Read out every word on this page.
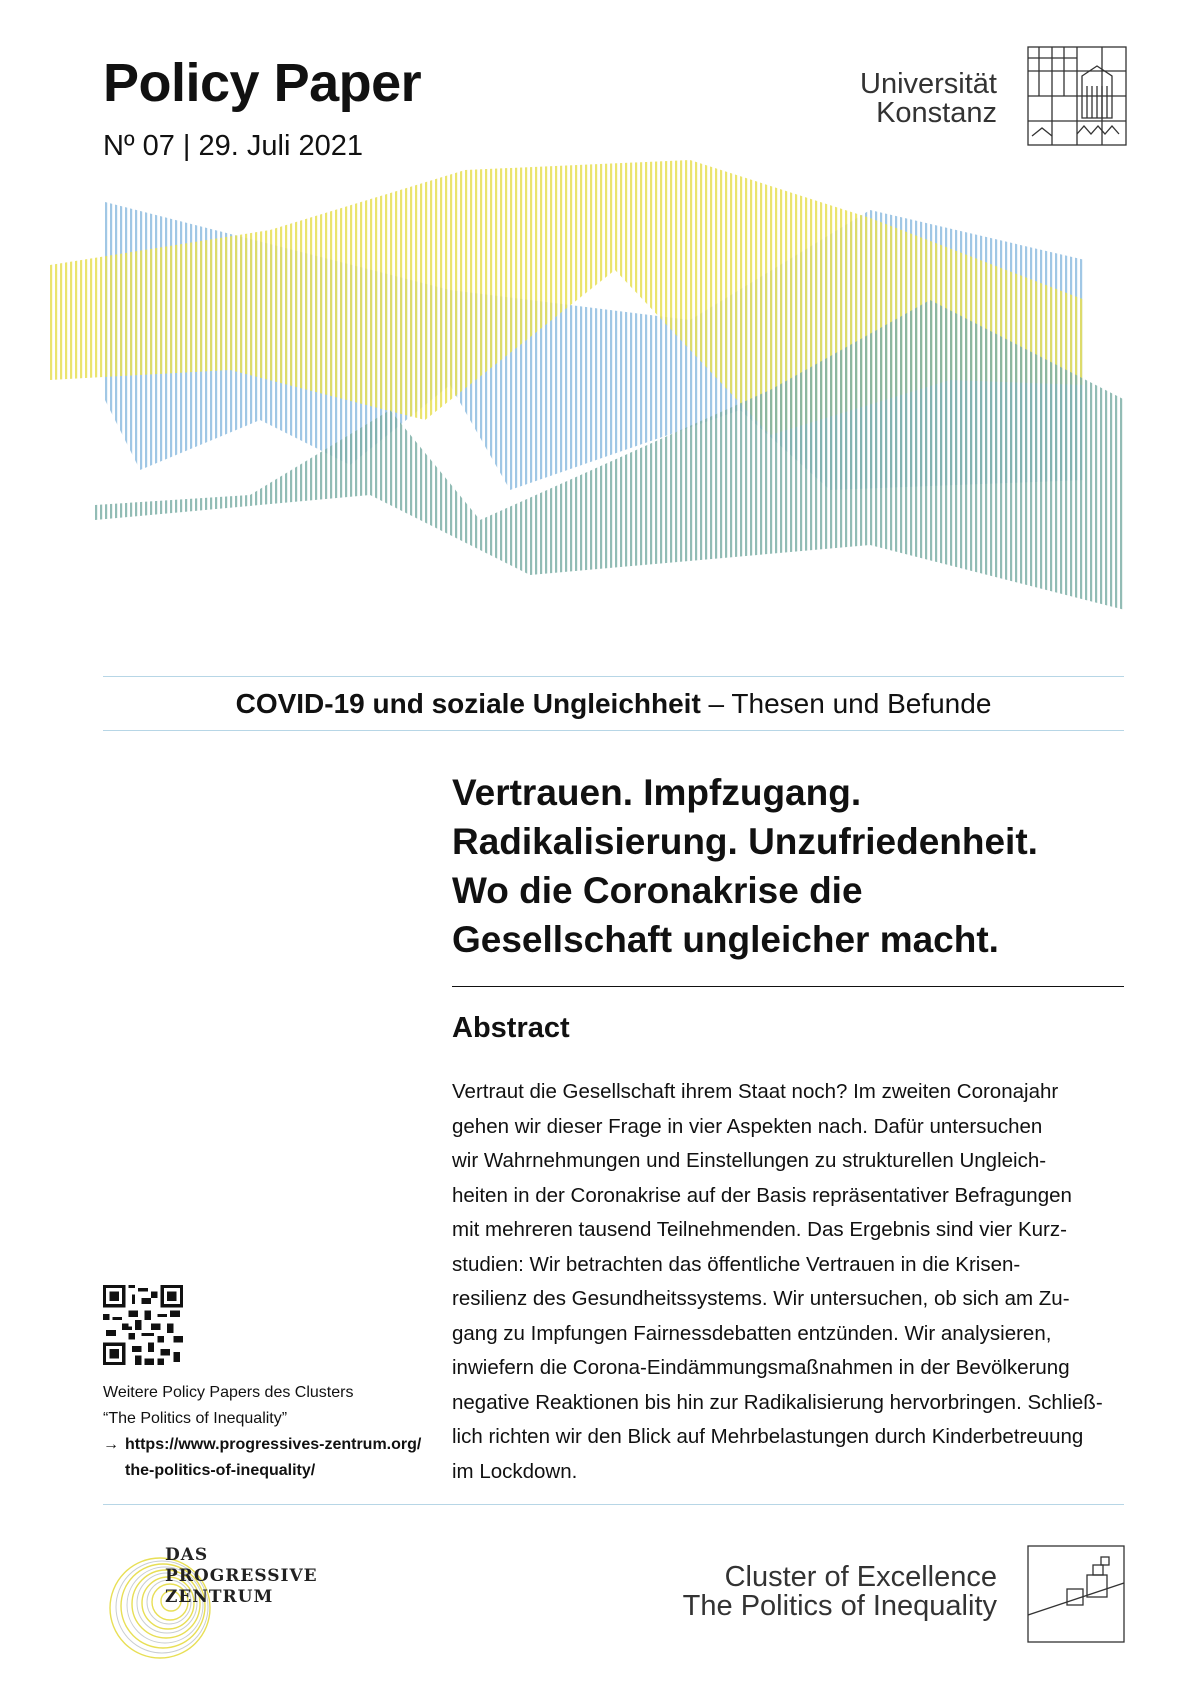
Policy Paper
Nº 07 | 29. Juli 2021
Universität
Konstanz
COVID-19 und soziale Ungleichheit – Thesen und Befunde
Vertrauen. Impfzugang.
Radikalisierung. Unzufriedenheit.
Wo die Coronakrise die
Gesellschaft ungleicher macht.
Abstract
Vertraut die Gesellschaft ihrem Staat noch? Im zweiten Coronajahr
gehen wir dieser Frage in vier Aspekten nach. Dafür untersuchen
wir Wahrnehmungen und Einstellungen zu strukturellen Ungleich-
heiten in der Coronakrise auf der Basis repräsentativer Befragungen
mit mehreren tausend Teilnehmenden. Das Ergebnis sind vier Kurz-
studien: Wir betrachten das öffentliche Vertrauen in die Krisen-
resilienz des Gesundheitssystems. Wir untersuchen, ob sich am Zu-
gang zu Impfungen Fairnessdebatten entzünden. Wir analysieren,
inwiefern die Corona-Eindämmungsmaßnahmen in der Bevölkerung
negative Reaktionen bis hin zur Radikalisierung hervorbringen. Schließ-
lich richten wir den Blick auf Mehrbelastungen durch Kinderbetreuung
im Lockdown.
Weitere Policy Papers des Clusters
“The Politics of Inequality”
→ https://www.progressives-zentrum.org/
the-politics-of-inequality/
DAS
PROGRESSIVE
ZENTRUM
Cluster of Excellence
The Politics of Inequality
